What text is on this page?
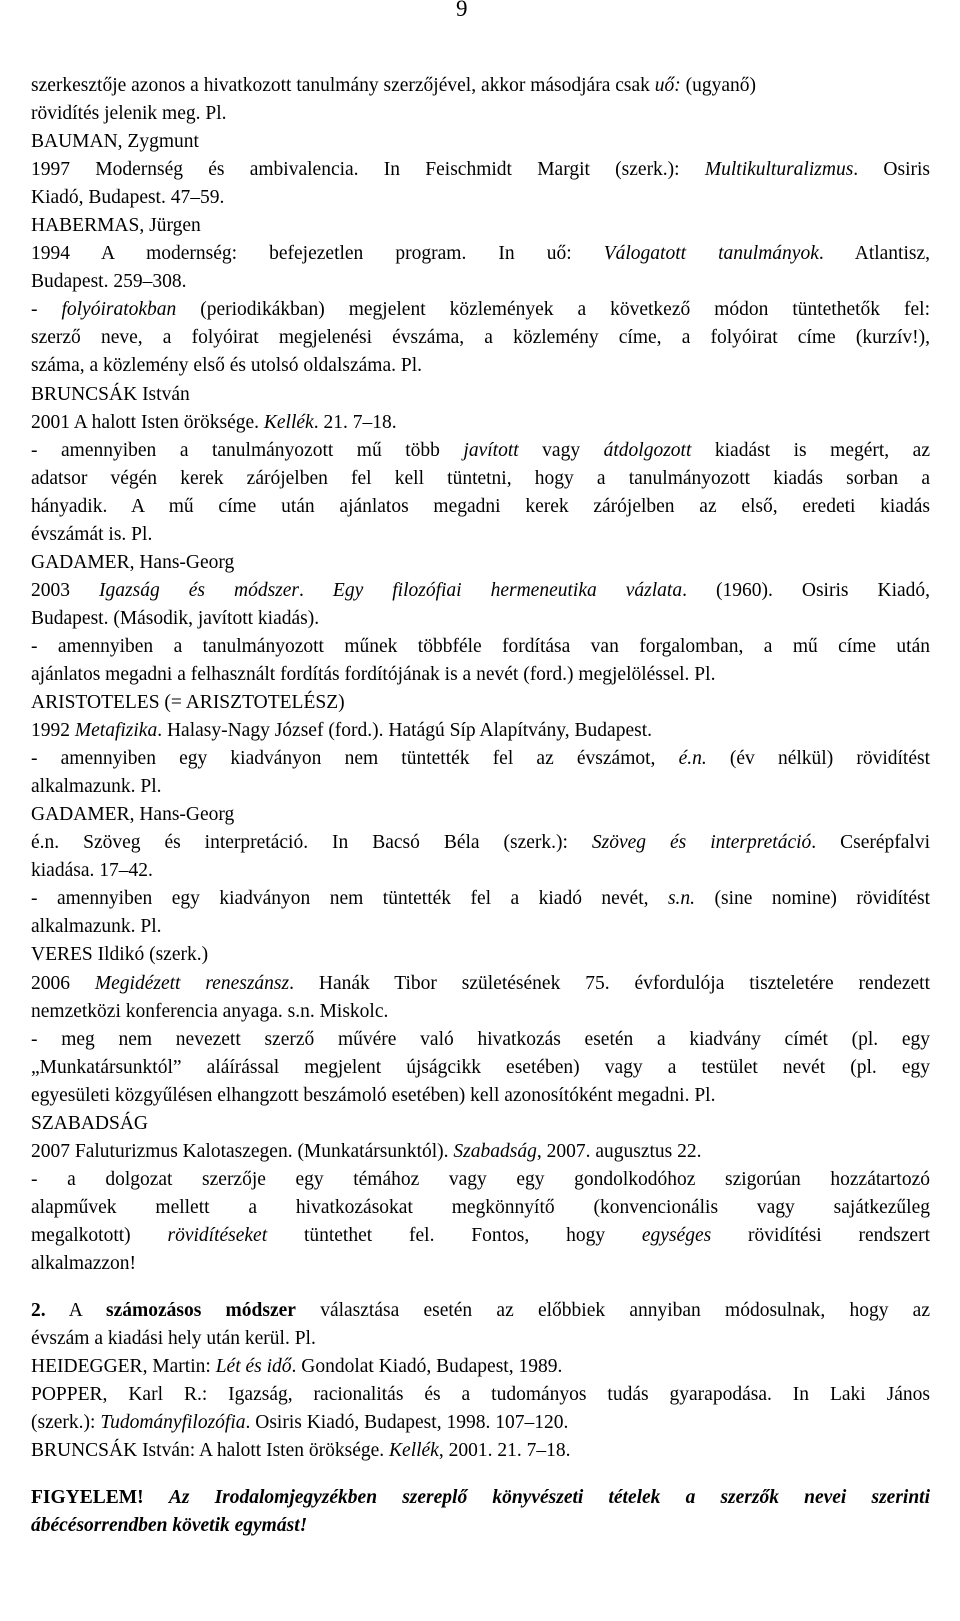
9
szerkesztője azonos a hivatkozott tanulmány szerzőjével, akkor másodjára csak uő: (ugyanő)
rövidítés jelenik meg. Pl.
BAUMAN, Zygmunt
1997 Modernség és ambivalencia. In Feischmidt Margit (szerk.): Multikulturalizmus. Osiris
Kiadó, Budapest. 47–59.
HABERMAS, Jürgen
1994 A modernség: befejezetlen program. In uő: Válogatott tanulmányok. Atlantisz,
Budapest. 259–308.
- folyóiratokban (periodikákban) megjelent közlemények a következő módon tüntethetők fel:
szerző neve, a folyóirat megjelenési évszáma, a közlemény címe, a folyóirat címe (kurzív!),
száma, a közlemény első és utolsó oldalszáma. Pl.
BRUNCSÁK István
2001 A halott Isten öröksége. Kellék. 21. 7–18.
- amennyiben a tanulmányozott mű több javított vagy átdolgozott kiadást is megért, az
adatsor végén kerek zárójelben fel kell tüntetni, hogy a tanulmányozott kiadás sorban a
hányadik. A mű címe után ajánlatos megadni kerek zárójelben az első, eredeti kiadás
évszámát is. Pl.
GADAMER, Hans-Georg
2003 Igazság és módszer. Egy filozófiai hermeneutika vázlata. (1960). Osiris Kiadó,
Budapest. (Második, javított kiadás).
- amennyiben a tanulmányozott műnek többféle fordítása van forgalomban, a mű címe után
ajánlatos megadni a felhasznált fordítás fordítójának is a nevét (ford.) megjelöléssel. Pl.
ARISTOTELES (= ARISZTOTELÉSZ)
1992 Metafizika. Halasy-Nagy József (ford.). Hatágú Síp Alapítvány, Budapest.
- amennyiben egy kiadványon nem tüntették fel az évszámot, é.n. (év nélkül) rövidítést
alkalmazunk. Pl.
GADAMER, Hans-Georg
é.n. Szöveg és interpretáció. In Bacsó Béla (szerk.): Szöveg és interpretáció. Cserépfalvi
kiadása. 17–42.
- amennyiben egy kiadványon nem tüntették fel a kiadó nevét, s.n. (sine nomine) rövidítést
alkalmazunk. Pl.
VERES Ildikó (szerk.)
2006 Megidézett reneszánsz. Hanák Tibor születésének 75. évfordulója tiszteletére rendezett
nemzetközi konferencia anyaga. s.n. Miskolc.
- meg nem nevezett szerző művére való hivatkozás esetén a kiadvány címét (pl. egy
„Munkatársunktól” aláírással megjelent újságcikk esetében) vagy a testület nevét (pl. egy
egyesületi közgyűlésen elhangzott beszámoló esetében) kell azonosítóként megadni. Pl.
SZABADSÁG
2007 Faluturizmus Kalotaszegen. (Munkatársunktól). Szabadság, 2007. augusztus 22.
- a dolgozat szerzője egy témához vagy egy gondolkodóhoz szigorúan hozzátartozó
alapművek mellett a hivatkozásokat megkönnyítő (konvencionális vagy sajátkezűleg
megalkotott) rövidítéseket tüntethet fel. Fontos, hogy egységes rövidítési rendszert
alkalmazzon!
2. A számozásos módszer választása esetén az előbbiek annyiban módosulnak, hogy az
évszám a kiadási hely után kerül. Pl.
HEIDEGGER, Martin: Lét és idő. Gondolat Kiadó, Budapest, 1989.
POPPER, Karl R.: Igazság, racionalitás és a tudományos tudás gyarapodása. In Laki János
(szerk.): Tudományfilozófia. Osiris Kiadó, Budapest, 1998. 107–120.
BRUNCSÁK István: A halott Isten öröksége. Kellék, 2001. 21. 7–18.
FIGYELEM! Az Irodalomjegyzékben szereplő könyvészeti tételek a szerzők nevei szerinti
ábécésorrendben követik egymást!
